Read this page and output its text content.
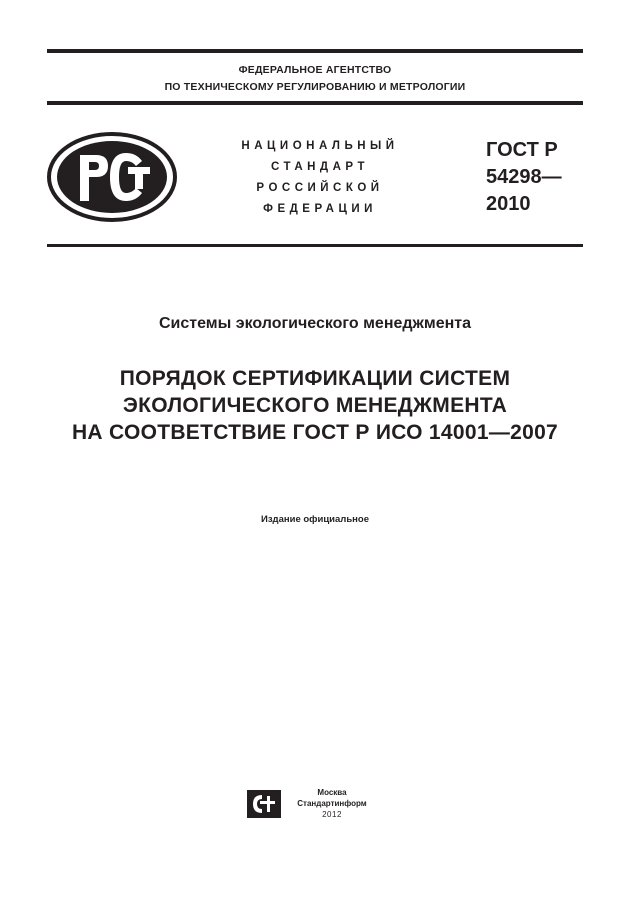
ФЕДЕРАЛЬНОЕ АГЕНТСТВО
ПО ТЕХНИЧЕСКОМУ РЕГУЛИРОВАНИЮ И МЕТРОЛОГИИ
НАЦИОНАЛЬНЫЙ
СТАНДАРТ
РОССИЙСКОЙ
ФЕДЕРАЦИИ
ГОСТ Р
54298—
2010
Системы экологического менеджмента
ПОРЯДОК СЕРТИФИКАЦИИ СИСТЕМ
ЭКОЛОГИЧЕСКОГО МЕНЕДЖМЕНТА
НА СООТВЕТСТВИЕ ГОСТ Р ИСО 14001—2007
Издание официальное
Москва
Стандартинформ
2012
